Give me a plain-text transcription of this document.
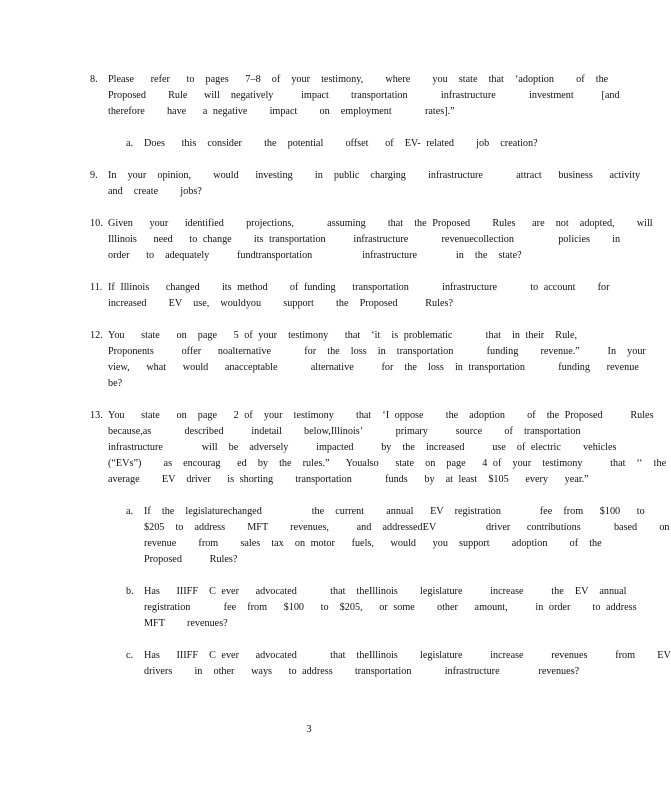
8. Please   refer   to  pages   7–8  of  your  testimony,    where    you  state  that  ‘adoption    of  the
Proposed    Rule   will  negatively     impact    transportation      infrastructure      investment     [and
therefore    have   a negative    impact    on  employment      rates].”
a. Does   this  consider    the  potential    offset   of  EV- related    job  creation?
9. In  your  opinion,    would   investing    in  public  charging    infrastructure      attract   business   activity
and  create    jobs?
10. Given   your   identified    projections,      assuming    that  the Proposed    Rules   are  not  adopted,    will
Illinois   need   to change    its transportation     infrastructure      revenuecollection        policies    in
order   to  adequately     fundtransportation         infrastructure       in  the  state?
11. If Illinois   changed    its method    of funding   transportation      infrastructure      to account    for
increased    EV  use,  wouldyou    support    the  Proposed     Rules?
12. You   state   on  page   5 of your  testimony   that  ‘it  is problematic      that  in their  Rule,
Proponents     offer   noalternative      for  the  loss  in  transportation      funding    revenue.”     In  your
view,   what   would   anacceptable      alternative     for  the  loss  in transportation      funding   revenue
be?
13. You   state   on  page   2 of  your  testimony    that  ‘I oppose    the  adoption    of  the Proposed     Rules
because,as      described     indetail    below,Illinois’      primary     source    of  transportation
infrastructure       will  be  adversely     impacted     by  the  increased     use  of electric    vehicles
(“EVs”)    as  encourag   ed  by  the  rules.”   Youalso   state  on  page   4 of  your  testimony     that  ‘‘  the
average    EV  driver   is shorting    transportation      funds   by  at least  $105   every   year.”
a. If  the  legislaturechanged         the  current    annual   EV  registration       fee  from   $100   to
$205  to  address    MFT    revenues,     and  addressedEV         driver   contributions      based    on
revenue    from    sales  tax  on motor   fuels,   would   you  support    adoption    of  the
Proposed     Rules?
b. Has   IIIFF  C ever   advocated      that  theIllinois    legislature     increase     the  EV  annual
registration      fee  from   $100   to  $205,   or some    other   amount,     in order    to address
MFT    revenues?
c. Has   IIIFF  C ever   advocated      that  theIllinois    legislature     increase     revenues     from    EV
drivers    in  other   ways   to address    transportation      infrastructure       revenues?
3
